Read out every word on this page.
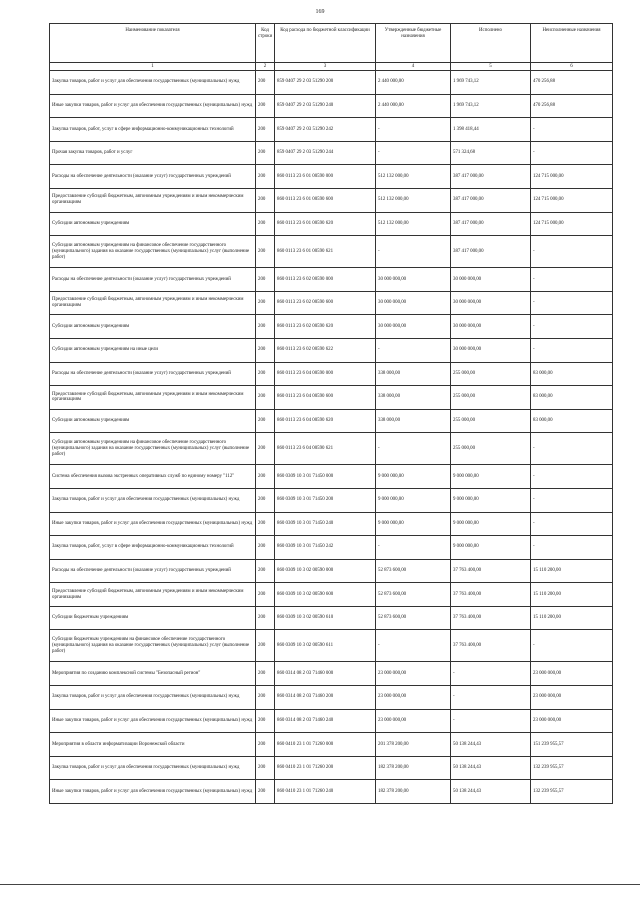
169
Наименование показателя	Код строки	Код расхода по бюджетной классификации	Утвержденные бюджетные назначения	Исполнено	Неисполненные назначения
1	2	3	4	5	6
Закупка товаров, работ и услуг для обеспечения государственных (муниципальных) нужд	200	859 0407 29 2 03 51290 200	2 440 000,00	1 969 743,12	470 256,88
Иные закупки товаров, работ и услуг для обеспечения государственных (муниципальных) нужд	200	859 0407 29 2 03 51290 240	2 440 000,00	1 969 743,12	470 256,88
Закупка товаров, работ, услуг в сфере информационно-коммуникационных технологий	200	859 0407 29 2 03 51290 242	-	1 398 418,44	-
Прочая закупка товаров, работ и услуг	200	859 0407 29 2 03 51290 244	-	571 324,68	-
Расходы на обеспечение деятельности (оказание услуг) государственных учреждений	200	860 0113 23 6 01 00590 000	512 132 000,00	387 417 000,00	124 715 000,00
Предоставление субсидий бюджетным, автономным учреждениям и иным некоммерческим организациям	200	860 0113 23 6 01 00590 600	512 132 000,00	387 417 000,00	124 715 000,00
Субсидии автономным учреждениям	200	860 0113 23 6 01 00590 620	512 132 000,00	387 417 000,00	124 715 000,00
Субсидии автономным учреждениям на финансовое обеспечение государственного (муниципального) задания на оказание государственных (муниципальных) услуг (выполнение работ)	200	860 0113 23 6 01 00590 621	-	387 417 000,00	-
Расходы на обеспечение деятельности (оказание услуг) государственных учреждений	200	860 0113 23 6 02 00590 000	30 000 000,00	30 000 000,00	-
Предоставление субсидий бюджетным, автономным учреждениям и иным некоммерческим организациям	200	860 0113 23 6 02 00590 600	30 000 000,00	30 000 000,00	-
Субсидии автономным учреждениям	200	860 0113 23 6 02 00590 620	30 000 000,00	30 000 000,00	-
Субсидии автономным учреждениям на иные цели	200	860 0113 23 6 02 00590 622	-	30 000 000,00	-
Расходы на обеспечение деятельности (оказание услуг) государственных учреждений	200	860 0113 23 6 04 00590 000	338 000,00	255 000,00	83 000,00
Предоставление субсидий бюджетным, автономным учреждениям и иным некоммерческим организациям	200	860 0113 23 6 04 00590 600	338 000,00	255 000,00	83 000,00
Субсидии автономным учреждениям	200	860 0113 23 6 04 00590 620	338 000,00	255 000,00	83 000,00
Субсидии автономным учреждениям на финансовое обеспечение государственного (муниципального) задания на оказание государственных (муниципальных) услуг (выполнение работ)	200	860 0113 23 6 04 00590 621	-	255 000,00	-
Система обеспечения вызова экстренных оперативных служб по единому номеру "112"	200	860 0309 10 3 01 71450 000	9 000 000,00	9 000 000,00	-
Закупка товаров, работ и услуг для обеспечения государственных (муниципальных) нужд	200	860 0309 10 3 01 71450 200	9 000 000,00	9 000 000,00	-
Иные закупки товаров, работ и услуг для обеспечения государственных (муниципальных) нужд	200	860 0309 10 3 01 71450 240	9 000 000,00	9 000 000,00	-
Закупка товаров, работ, услуг в сфере информационно-коммуникационных технологий	200	860 0309 10 3 01 71450 242	-	9 000 000,00	-
Расходы на обеспечение деятельности (оказание услуг) государственных учреждений	200	860 0309 10 3 02 00590 000	52 873 600,00	37 763 400,00	15 110 200,00
Предоставление субсидий бюджетным, автономным учреждениям и иным некоммерческим организациям	200	860 0309 10 3 02 00590 600	52 873 600,00	37 763 400,00	15 110 200,00
Субсидии бюджетным учреждениям	200	860 0309 10 3 02 00590 610	52 873 600,00	37 763 400,00	15 110 200,00
Субсидии бюджетным учреждениям на финансовое обеспечение государственного (муниципального) задания на оказание государственных (муниципальных) услуг (выполнение работ)	200	860 0309 10 3 02 00590 611	-	37 763 400,00	-
Мероприятия по созданию комплексной системы "Безопасный регион"	200	860 0314 08 2 03 71460 000	23 000 000,00	-	23 000 000,00
Закупка товаров, работ и услуг для обеспечения государственных (муниципальных) нужд	200	860 0314 08 2 03 71460 200	23 000 000,00	-	23 000 000,00
Иные закупки товаров, работ и услуг для обеспечения государственных (муниципальных) нужд	200	860 0314 08 2 03 71460 240	23 000 000,00	-	23 000 000,00
Мероприятия в области информатизации Воронежской области	200	860 0410 23 1 01 71260 000	201 378 200,00	50 138 244,43	151 239 955,57
Закупка товаров, работ и услуг для обеспечения государственных (муниципальных) нужд	200	860 0410 23 1 01 71260 200	182 378 200,00	50 138 244,43	132 239 955,57
Иные закупки товаров, работ и услуг для обеспечения государственных (муниципальных) нужд	200	860 0410 23 1 01 71260 240	182 378 200,00	50 138 244,43	132 239 955,57
